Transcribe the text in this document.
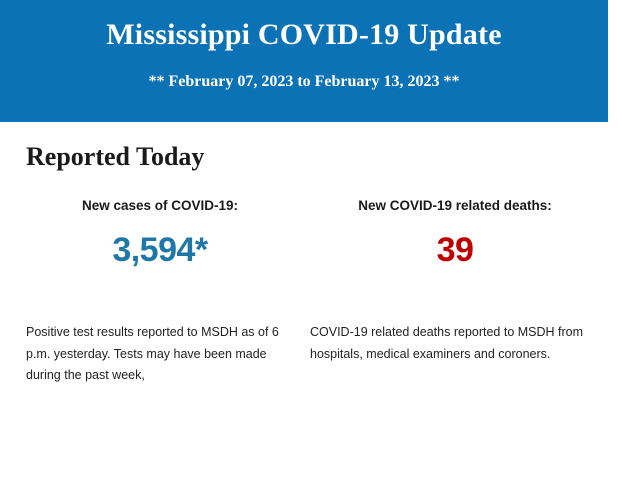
Mississippi COVID-19 Update
** February 07, 2023 to February 13, 2023 **
Reported Today
New cases of COVID-19:
3,594*
New COVID-19 related deaths:
39

Positive test results reported to MSDH as of 6 p.m. yesterday. Tests may have been made during the past week,

COVID-19 related deaths reported to MSDH from hospitals, medical examiners and coroners.
